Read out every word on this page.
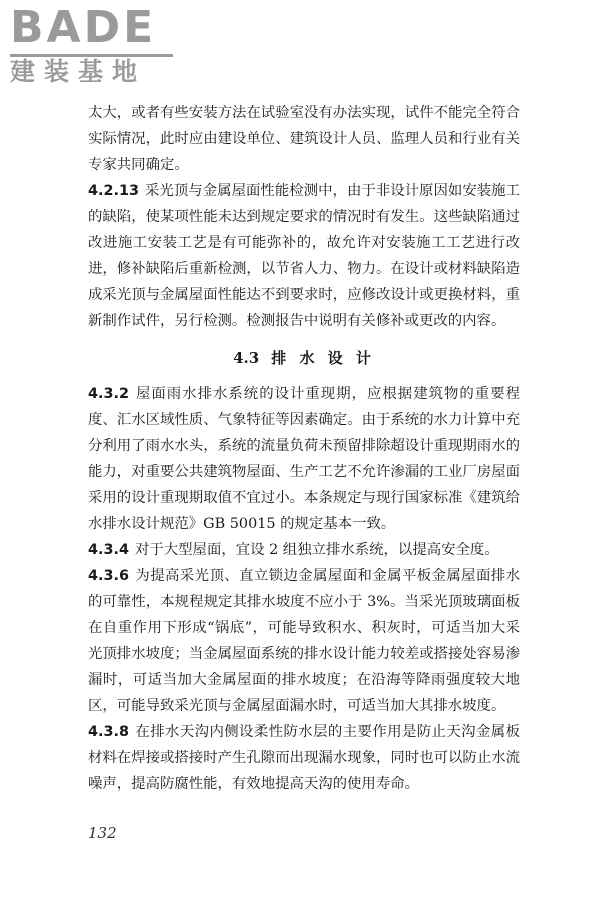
BADE
建装基地

太大，或者有些安装方法在试验室没有办法实现，试件不能完全符合实际情况，此时应由建设单位、建筑设计人员、监理人员和行业有关专家共同确定。

4.2.13 采光顶与金属屋面性能检测中，由于非设计原因如安装施工的缺陷，使某项性能未达到规定要求的情况时有发生。这些缺陷通过改进施工安装工艺是有可能弥补的，故允许对安装施工工艺进行改进，修补缺陷后重新检测，以节省人力、物力。在设计或材料缺陷造成采光顶与金属屋面性能达不到要求时，应修改设计或更换材料，重新制作试件，另行检测。检测报告中说明有关修补或更改的内容。

4.3 排 水 设 计

4.3.2 屋面雨水排水系统的设计重现期，应根据建筑物的重要程度、汇水区域性质、气象特征等因素确定。由于系统的水力计算中充分利用了雨水水头，系统的流量负荷未预留排除超设计重现期雨水的能力，对重要公共建筑物屋面、生产工艺不允许渗漏的工业厂房屋面采用的设计重现期取值不宜过小。本条规定与现行国家标准《建筑给水排水设计规范》GB 50015 的规定基本一致。

4.3.4 对于大型屋面，宜设 2 组独立排水系统，以提高安全度。

4.3.6 为提高采光顶、直立锁边金属屋面和金属平板金属屋面排水的可靠性，本规程规定其排水坡度不应小于 3%。当采光顶玻璃面板在自重作用下形成“锅底”，可能导致积水、积灰时，可适当加大采光顶排水坡度；当金属屋面系统的排水设计能力较差或搭接处容易渗漏时，可适当加大金属屋面的排水坡度；在沿海等降雨强度较大地区，可能导致采光顶与金属屋面漏水时，可适当加大其排水坡度。

4.3.8 在排水天沟内侧设柔性防水层的主要作用是防止天沟金属板材料在焊接或搭接时产生孔隙而出现漏水现象，同时也可以防止水流噪声，提高防腐性能，有效地提高天沟的使用寿命。

132
